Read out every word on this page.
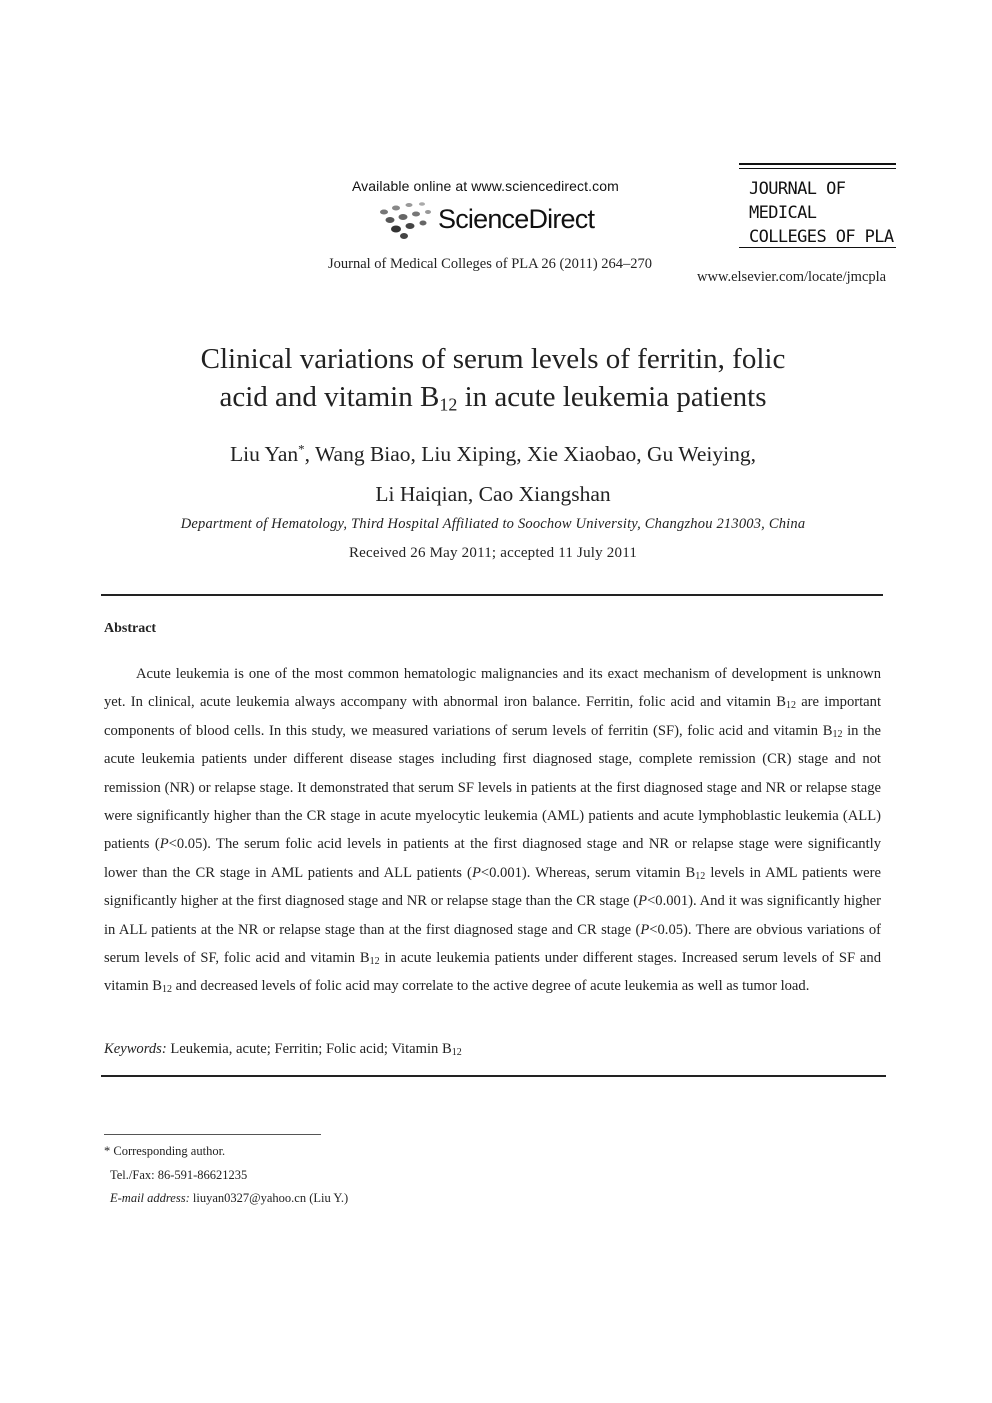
Available online at www.sciencedirect.com
ScienceDirect
Journal of Medical Colleges of PLA 26 (2011) 264–270
JOURNAL OF
MEDICAL
COLLEGES OF PLA
www.elsevier.com/locate/jmcpla
Clinical variations of serum levels of ferritin, folic
acid and vitamin $B_{12}$ in acute leukemia patients
Liu Yan*, Wang Biao, Liu Xiping, Xie Xiaobao, Gu Weiying,
Li Haiqian, Cao Xiangshan
Department of Hematology, Third Hospital Affiliated to Soochow University, Changzhou 213003, China
Received 26 May 2011; accepted 11 July 2011
Abstract

Acute leukemia is one of the most common hematologic malignancies and its exact mechanism of development is unknown yet. In clinical, acute leukemia always accompany with abnormal iron balance. Ferritin, folic acid and vitamin $B_{12}$ are important components of blood cells. In this study, we measured variations of serum levels of ferritin (SF), folic acid and vitamin $B_{12}$ in the acute leukemia patients under different disease stages including first diagnosed stage, complete remission (CR) stage and not remission (NR) or relapse stage. It demonstrated that serum SF levels in patients at the first diagnosed stage and NR or relapse stage were significantly higher than the CR stage in acute myelocytic leukemia (AML) patients and acute lymphoblastic leukemia (ALL) patients (P<0.05). The serum folic acid levels in patients at the first diagnosed stage and NR or relapse stage were significantly lower than the CR stage in AML patients and ALL patients (P<0.001). Whereas, serum vitamin $B_{12}$ levels in AML patients were significantly higher at the first diagnosed stage and NR or relapse stage than the CR stage (P<0.001). And it was significantly higher in ALL patients at the NR or relapse stage than at the first diagnosed stage and CR stage (P<0.05). There are obvious variations of serum levels of SF, folic acid and vitamin $B_{12}$ in acute leukemia patients under different stages. Increased serum levels of SF and vitamin $B_{12}$ and decreased levels of folic acid may correlate to the active degree of acute leukemia as well as tumor load.

Keywords: Leukemia, acute; Ferritin; Folic acid; Vitamin $B_{12}$
* Corresponding author.
Tel./Fax: 86-591-86621235
E-mail address: liuyan0327@yahoo.cn (Liu Y.)
